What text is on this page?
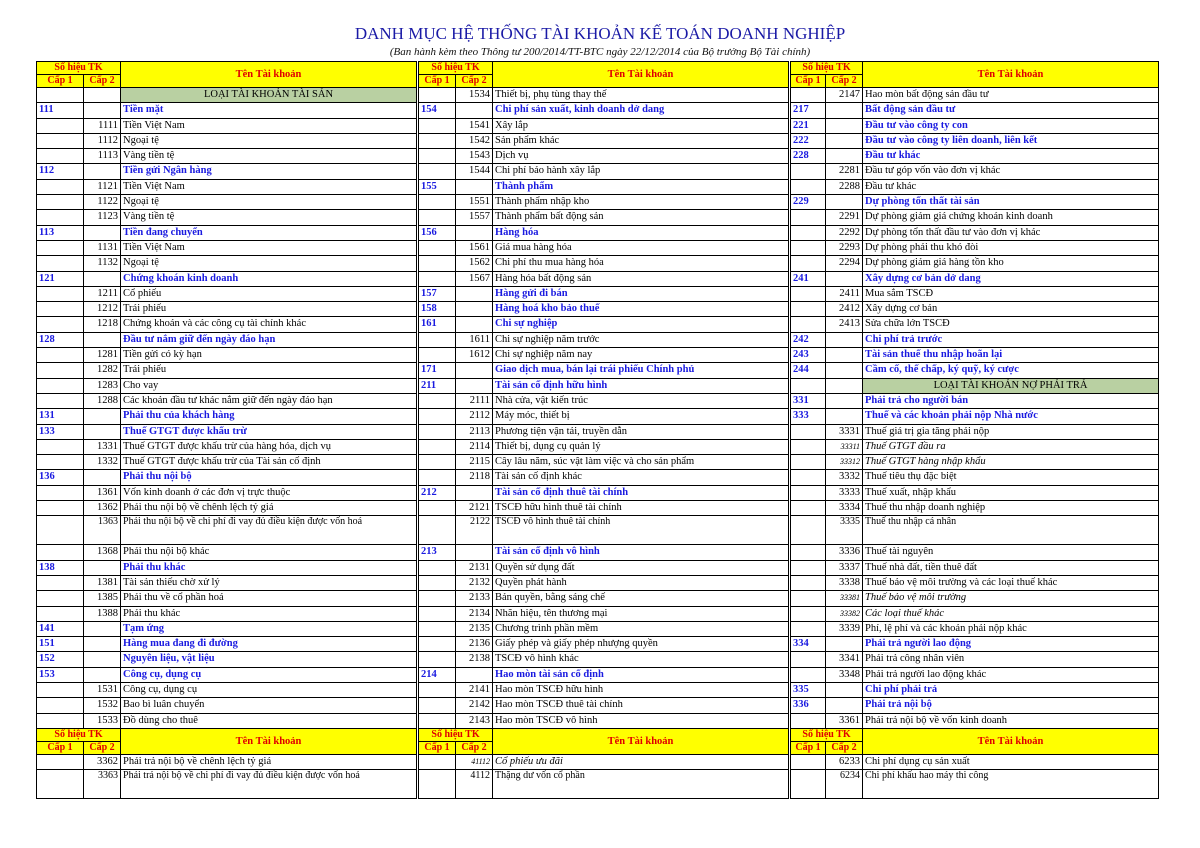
DANH MỤC HỆ THỐNG TÀI KHOẢN KẾ TOÁN DOANH NGHIỆP
(Ban hành kèm theo Thông tư 200/2014/TT-BTC ngày 22/12/2014 của Bộ trưởng Bộ Tài chính)
Số hiệu TK		Tên Tài khoản
Cấp 1	Cấp 2	
		LOẠI TÀI KHOẢN TÀI SẢN
111		Tiền mặt
	1111	Tiền Việt Nam
	1112	Ngoại tệ
	1113	Vàng tiền tệ
112		Tiền gửi Ngân hàng
	1121	Tiền Việt Nam
	1122	Ngoại tệ
	1123	Vàng tiền tệ
113		Tiền đang chuyển
	1131	Tiền Việt Nam
	1132	Ngoại tệ
121		Chứng khoán kinh doanh
	1211	Cổ phiếu
	1212	Trái phiếu
	1218	Chứng khoán và các công cụ tài chính khác
128		Đầu tư nắm giữ đến ngày đáo hạn
	1281	Tiền gửi có kỳ hạn
	1282	Trái phiếu
	1283	Cho vay
	1288	Các khoản đầu tư khác nắm giữ đến ngày đáo hạn
131		Phải thu của khách hàng
133		Thuế GTGT được khấu trừ
	1331	Thuế GTGT được khấu trừ của hàng hóa, dịch vụ
	1332	Thuế GTGT được khấu trừ của Tài sản cố định
136		Phải thu nội bộ
	1361	Vốn kinh doanh ở các đơn vị trực thuộc
	1362	Phải thu nội bộ về chênh lệch tỷ giá
	1363	Phải thu nội bộ về chi phí đi vay đủ điều kiện được vốn hoá
	1368	Phải thu nội bộ khác
138		Phải thu khác
	1381	Tài sản thiếu chờ xử lý
	1385	Phải thu về cổ phần hoá
	1388	Phải thu khác
141		Tạm ứng
151		Hàng mua đang đi đường
152		Nguyên liệu, vật liệu
153		Công cụ, dụng cụ
	1531	Công cụ, dụng cụ
	1532	Bao bì luân chuyển
	1533	Đồ dùng cho thuê
Số hiệu TK		Tên Tài khoản
Cấp 1	Cấp 2	
	3362	Phải trả nội bộ về chênh lệch tỷ giá
	3363	Phải trả nội bộ về chi phí đi vay đủ điều kiện được vốn hoá
Số hiệu TK		Tên Tài khoản
Cấp 1	Cấp 2	
	1534	Thiết bị, phụ tùng thay thế
154		Chi phí sản xuất, kinh doanh dở dang
	1541	Xây lắp
	1542	Sản phẩm khác
	1543	Dịch vụ
	1544	Chi phí bảo hành xây lắp
155		Thành phẩm
	1551	Thành phẩm nhập kho
	1557	Thành phẩm bất động sản
156		Hàng hóa
	1561	Giá mua hàng hóa
	1562	Chi phí thu mua hàng hóa
	1567	Hàng hóa bất động sản
157		Hàng gửi đi bán
158		Hàng hoá kho bảo thuế
161		Chi sự nghiệp
	1611	Chi sự nghiệp năm trước
	1612	Chi sự nghiệp năm nay
171		Giao dịch mua, bán lại trái phiếu Chính phủ
211		Tài sản cố định hữu hình
	2111	Nhà cửa, vật kiến trúc
	2112	Máy móc, thiết bị
	2113	Phương tiện vận tải, truyền dẫn
	2114	Thiết bị, dụng cụ quản lý
	2115	Cây lâu năm, súc vật làm việc và cho sản phẩm
	2118	Tài sản cố định khác
212		Tài sản cố định thuê tài chính
	2121	TSCĐ hữu hình thuê tài chính
	2122	TSCĐ vô hình thuê tài chính
213		Tài sản cố định vô hình
	2131	Quyền sử dụng đất
	2132	Quyền phát hành
	2133	Bản quyền, bằng sáng chế
	2134	Nhãn hiệu, tên thương mại
	2135	Chương trình phần mềm
	2136	Giấy phép và giấy phép nhượng quyền
	2138	TSCĐ vô hình khác
214		Hao mòn tài sản cố định
	2141	Hao mòn TSCĐ hữu hình
	2142	Hao mòn TSCĐ thuê tài chính
	2143	Hao mòn TSCĐ vô hình
Số hiệu TK		Tên Tài khoản
Cấp 1	Cấp 2	
	41112	Cổ phiếu ưu đãi
	4112	Thặng dư vốn cổ phần
Số hiệu TK		Tên Tài khoản
Cấp 1	Cấp 2	
	2147	Hao mòn bất động sản đầu tư
217		Bất động sản đầu tư
221		Đầu tư vào công ty con
222		Đầu tư vào công ty liên doanh, liên kết
228		Đầu tư khác
	2281	Đầu tư góp vốn vào đơn vị khác
	2288	Đầu tư khác
229		Dự phòng tổn thất tài sản
	2291	Dự phòng giảm giá chứng khoán kinh doanh
	2292	Dự phòng tổn thất đầu tư vào đơn vị khác
	2293	Dự phòng phải thu khó đòi
	2294	Dự phòng giảm giá hàng tồn kho
241		Xây dựng cơ bản dở dang
	2411	Mua sắm TSCĐ
	2412	Xây dựng cơ bản
	2413	Sửa chữa lớn TSCĐ
242		Chi phí trả trước
243		Tài sản thuế thu nhập hoãn lại
244		Cầm cố, thế chấp, ký quỹ, ký cược
		LOẠI TÀI KHOẢN NỢ PHẢI TRẢ
331		Phải trả cho người bán
333		Thuế và các khoản phải nộp Nhà nước
	3331	Thuế giá trị gia tăng phải nộp
	33311	Thuế GTGT đầu ra
	33312	Thuế GTGT hàng nhập khẩu
	3332	Thuế tiêu thụ đặc biệt
	3333	Thuế xuất, nhập khẩu
	3334	Thuế thu nhập doanh nghiệp
	3335	Thuế thu nhập cá nhân
	3336	Thuế tài nguyên
	3337	Thuế nhà đất, tiền thuê đất
	3338	Thuế bảo vệ môi trường và các loại thuế khác
	33381	Thuế bảo vệ môi trường
	33382	Các loại thuế khác
	3339	Phí, lệ phí và các khoản phải nộp khác
334		Phải trả người lao động
	3341	Phải trả công nhân viên
	3348	Phải trả người lao động khác
335		Chi phí phải trả
336		Phải trả nội bộ
	3361	Phải trả nội bộ về vốn kinh doanh
Số hiệu TK		Tên Tài khoản
Cấp 1	Cấp 2	
	6233	Chi phí dụng cụ sản xuất
	6234	Chi phí khấu hao máy thi công
